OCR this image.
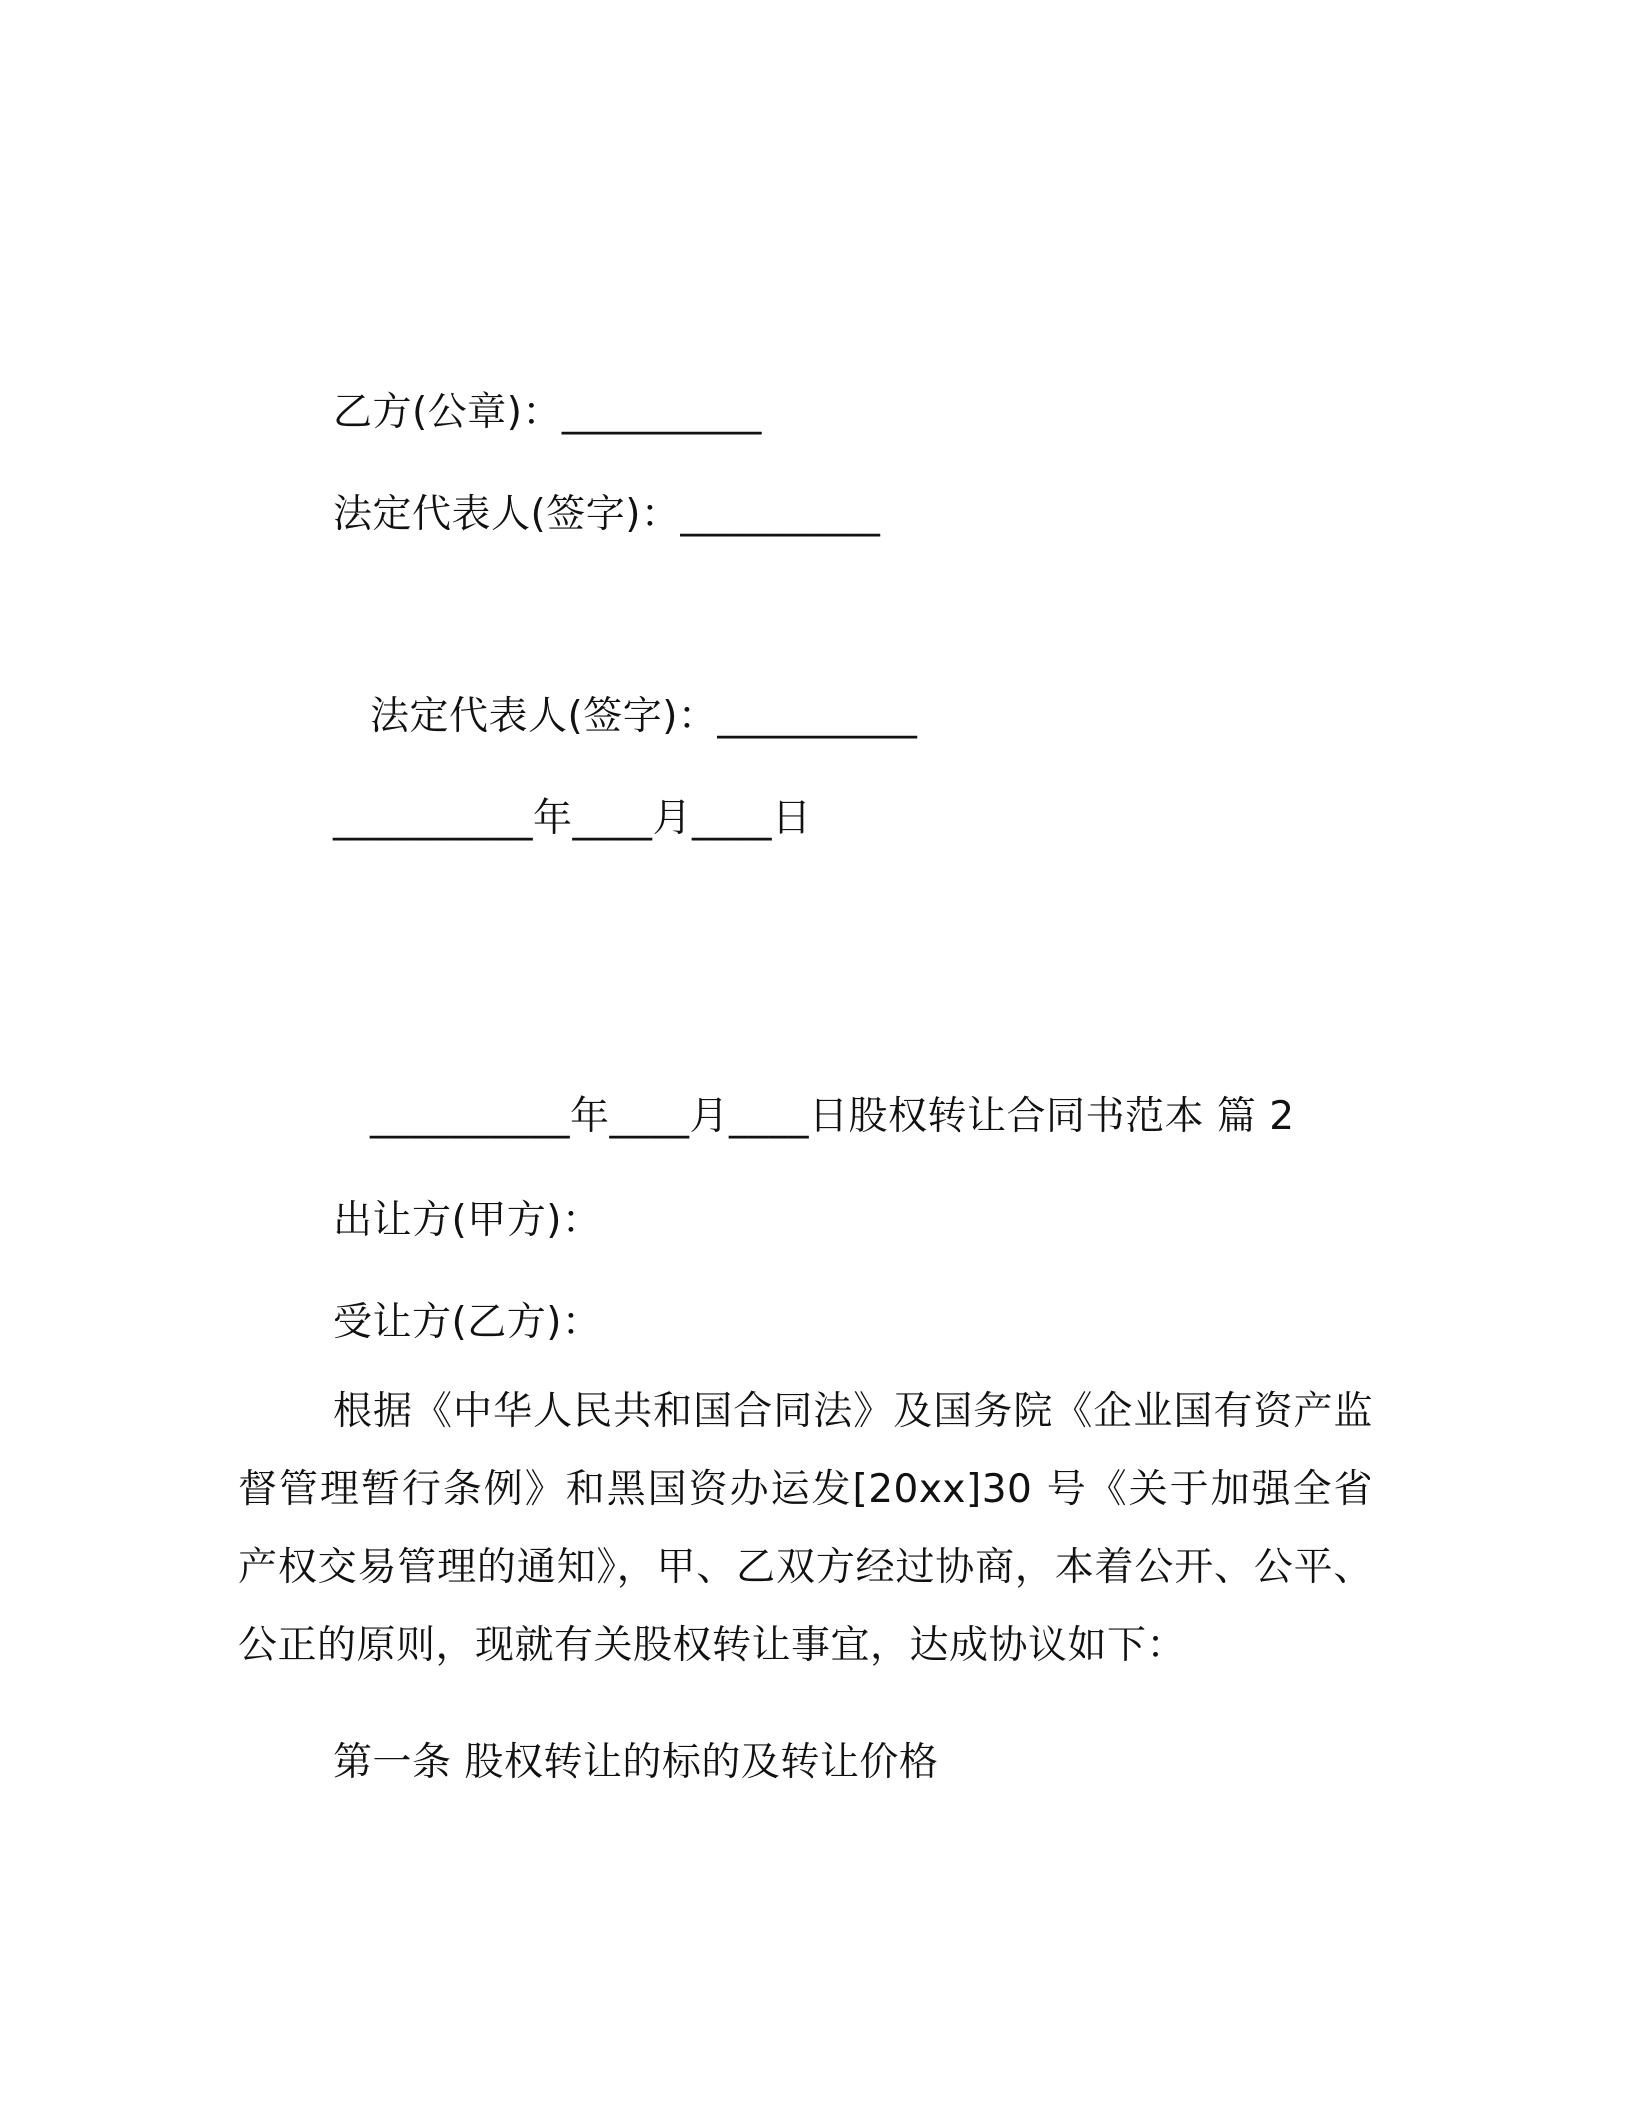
乙方(公章)：__________
法定代表人(签字)：__________
法定代表人(签字)：__________
__________年____月____日
__________年____月____日股权转让合同书范本 篇 2
出让方(甲方)：
受让方(乙方)：

根据《中华人民共和国合同法》及国务院《企业国有资产监督管理暂行条例》和黑国资办运发[20xx]30 号《关于加强全省产权交易管理的通知》，甲、乙双方经过协商，本着公开、公平、公正的原则，现就有关股权转让事宜，达成协议如下：

第一条 股权转让的标的及转让价格
